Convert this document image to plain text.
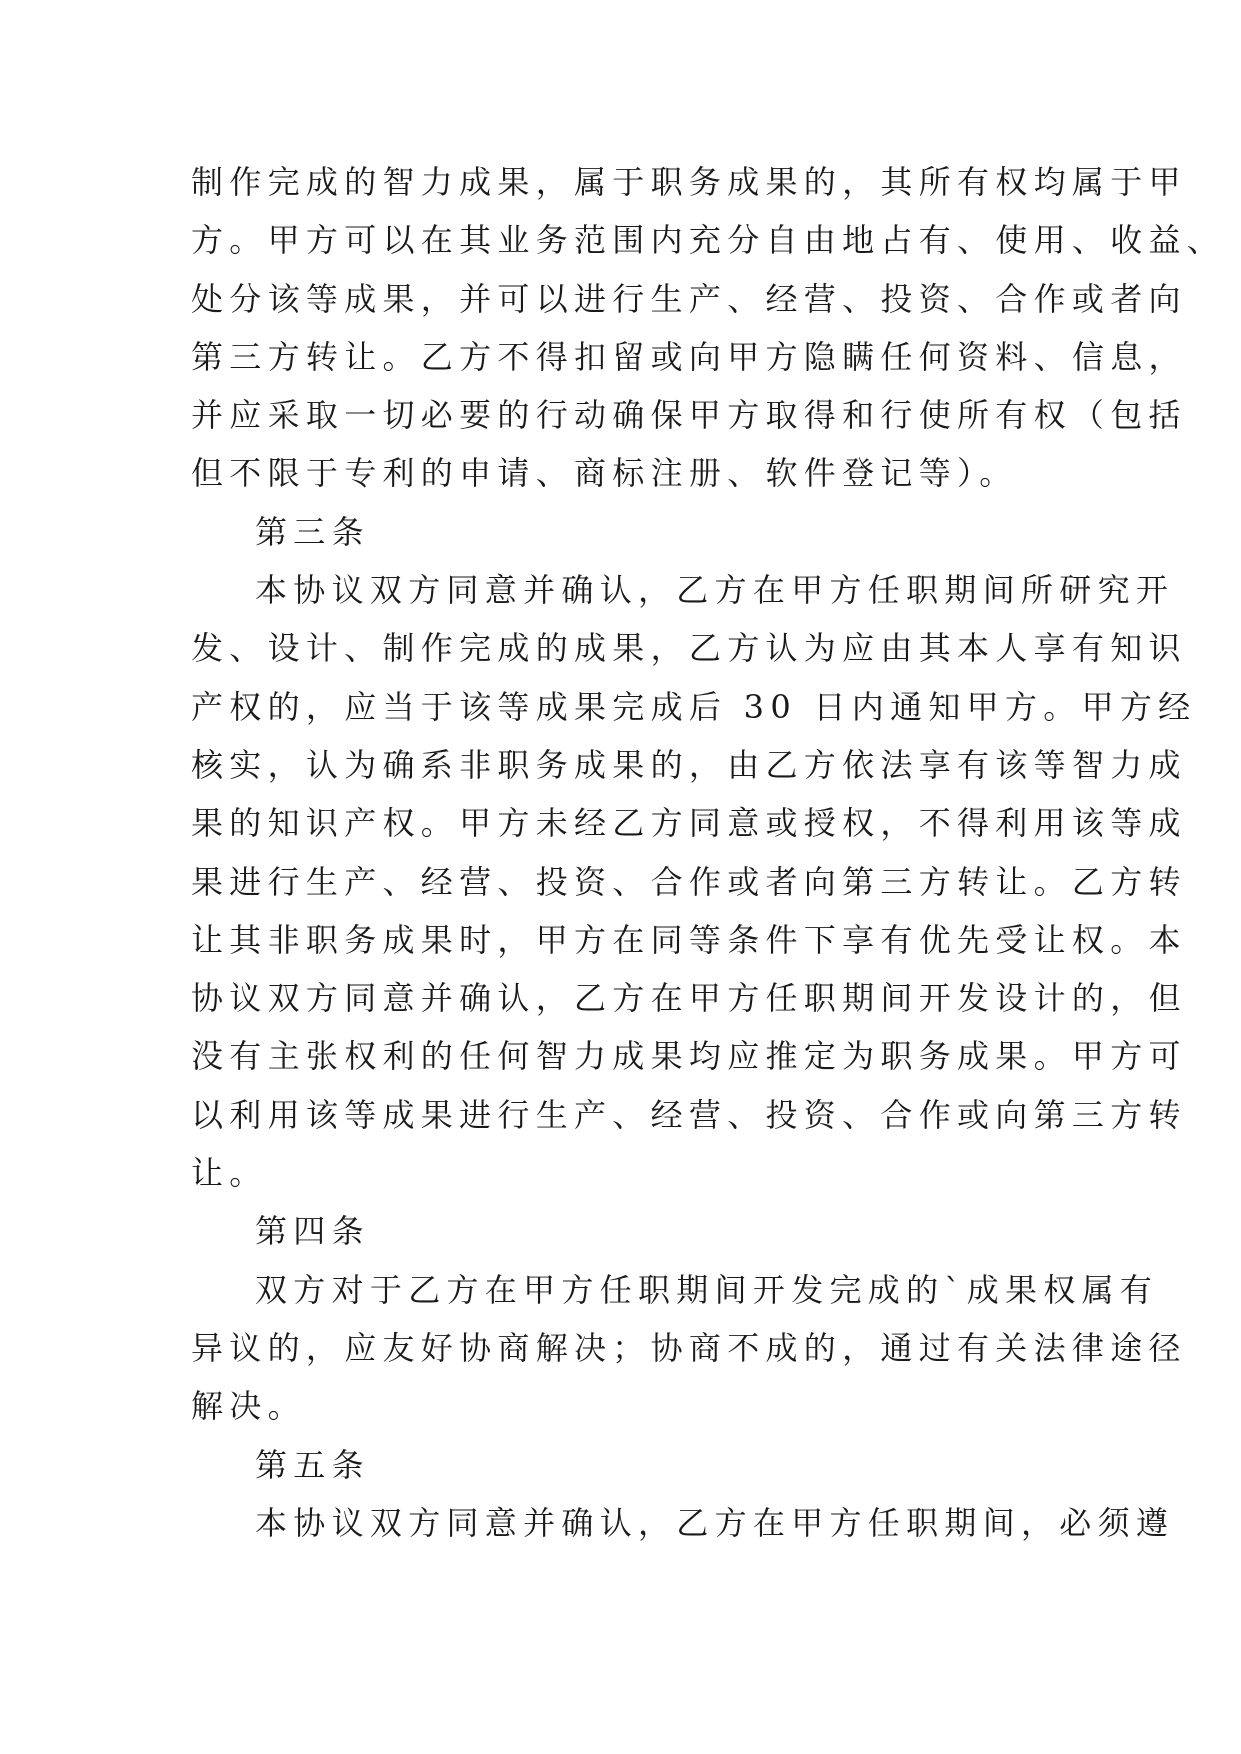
制作完成的智力成果，属于职务成果的，其所有权均属于甲
方。甲方可以在其业务范围内充分自由地占有、使用、收益、
处分该等成果，并可以进行生产、经营、投资、合作或者向
第三方转让。乙方不得扣留或向甲方隐瞒任何资料、信息，
并应采取一切必要的行动确保甲方取得和行使所有权（包括
但不限于专利的申请、商标注册、软件登记等）。
第三条
本协议双方同意并确认，乙方在甲方任职期间所研究开
发、设计、制作完成的成果，乙方认为应由其本人享有知识
产权的，应当于该等成果完成后 30 日内通知甲方。甲方经
核实，认为确系非职务成果的，由乙方依法享有该等智力成
果的知识产权。甲方未经乙方同意或授权，不得利用该等成
果进行生产、经营、投资、合作或者向第三方转让。乙方转
让其非职务成果时，甲方在同等条件下享有优先受让权。本
协议双方同意并确认，乙方在甲方任职期间开发设计的，但
没有主张权利的任何智力成果均应推定为职务成果。甲方可
以利用该等成果进行生产、经营、投资、合作或向第三方转
让。
第四条
双方对于乙方在甲方任职期间开发完成的`成果权属有
异议的，应友好协商解决；协商不成的，通过有关法律途径
解决。
第五条
本协议双方同意并确认，乙方在甲方任职期间，必须遵
